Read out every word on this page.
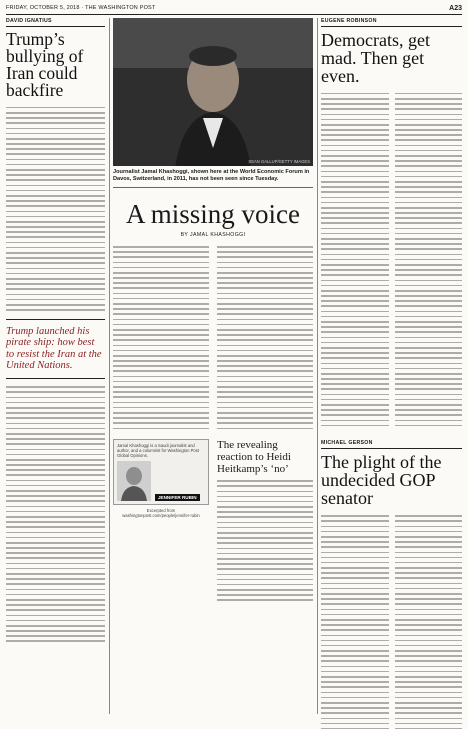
FRIDAY, OCTOBER 5, 2018 · THE WASHINGTON POST	A23
DAVID IGNATIUS
Trump’s bullying of Iran could backfire
Trump launched his pirate ship: how best to resist the Iran at the United Nations.
SEAN GALLUP/GETTY IMAGES
Journalist Jamal Khashoggi, shown here at the World Economic Forum in Davos, Switzerland, in 2011, has not been seen since Tuesday.
A missing voice
BY JAMAL KHASHOGGI
Jamal Khashoggi is a Saudi journalist and author, and a columnist for Washington Post Global Opinions.
JENNIFER RUBIN
Excerpted from washingtonpost.com/people/jennifer-rubin
The revealing reaction to Heidi Heitkamp’s ‘no’
EUGENE ROBINSON
Democrats, get mad. Then get even.
MICHAEL GERSON
The plight of the undecided GOP senator
